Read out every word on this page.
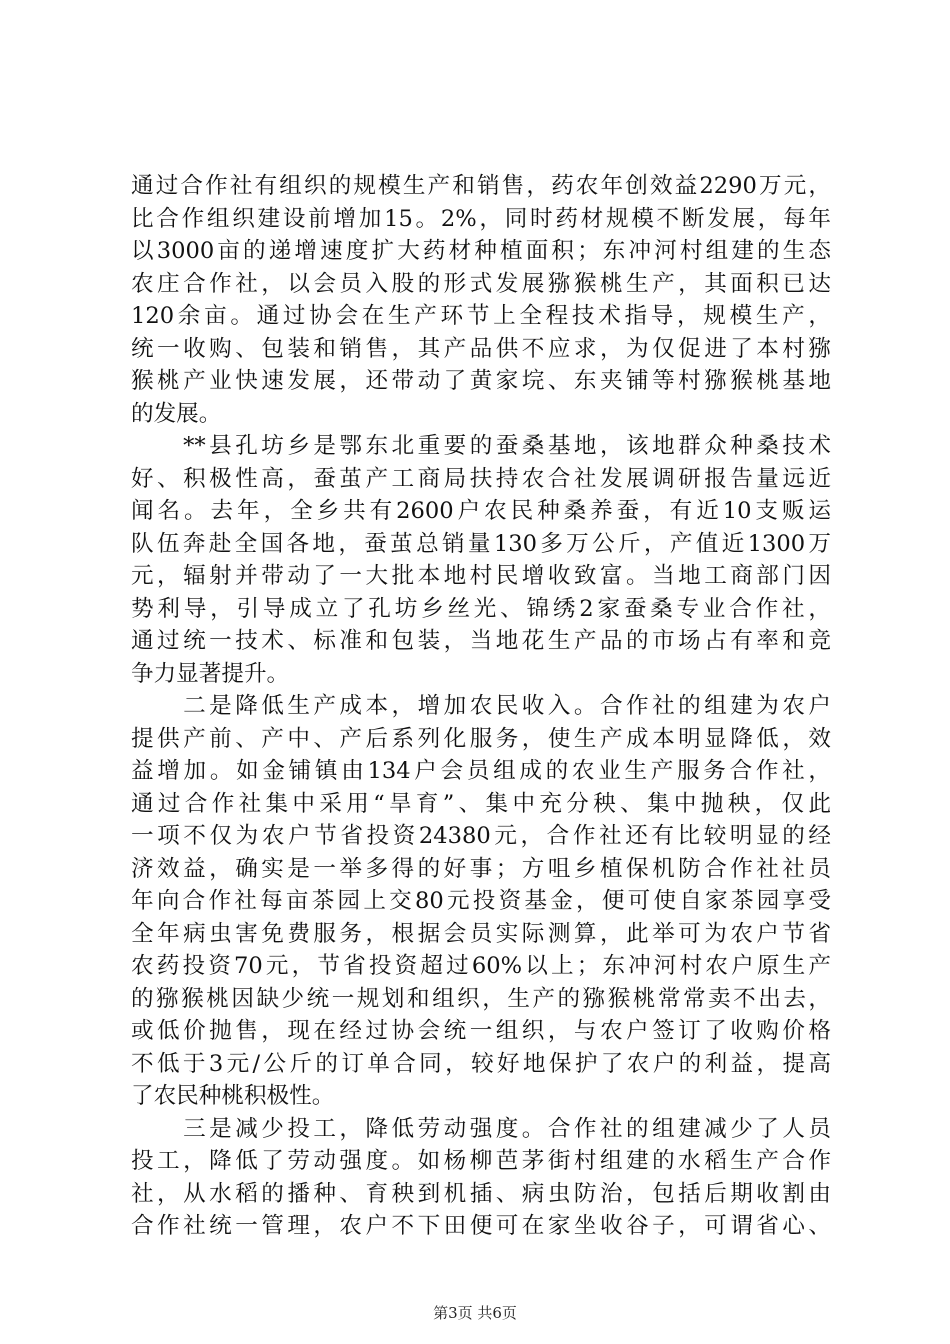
通过合作社有组织的规模生产和销售，药农年创效益2290万元，
比合作组织建设前增加15。2%，同时药材规模不断发展，每年
以3000亩的递增速度扩大药材种植面积；东冲河村组建的生态
农庄合作社，以会员入股的形式发展猕猴桃生产，其面积已达
120余亩。通过协会在生产环节上全程技术指导，规模生产，
统一收购、包装和销售，其产品供不应求，为仅促进了本村猕
猴桃产业快速发展，还带动了黄家垸、东夹铺等村猕猴桃基地
的发展。
　　**县孔坊乡是鄂东北重要的蚕桑基地，该地群众种桑技术
好、积极性高，蚕茧产工商局扶持农合社发展调研报告量远近
闻名。去年，全乡共有2600户农民种桑养蚕，有近10支贩运
队伍奔赴全国各地，蚕茧总销量130多万公斤，产值近1300万
元，辐射并带动了一大批本地村民增收致富。当地工商部门因
势利导，引导成立了孔坊乡丝光、锦绣2家蚕桑专业合作社，
通过统一技术、标准和包装，当地花生产品的市场占有率和竞
争力显著提升。
　　二是降低生产成本，增加农民收入。合作社的组建为农户
提供产前、产中、产后系列化服务，使生产成本明显降低，效
益增加。如金铺镇由134户会员组成的农业生产服务合作社，
通过合作社集中采用“旱育”、集中充分秧、集中抛秧，仅此
一项不仅为农户节省投资24380元，合作社还有比较明显的经
济效益，确实是一举多得的好事；方咀乡植保机防合作社社员
年向合作社每亩茶园上交80元投资基金，便可使自家茶园享受
全年病虫害免费服务，根据会员实际测算，此举可为农户节省
农药投资70元，节省投资超过60%以上；东冲河村农户原生产
的猕猴桃因缺少统一规划和组织，生产的猕猴桃常常卖不出去，
或低价抛售，现在经过协会统一组织，与农户签订了收购价格
不低于3元/公斤的订单合同，较好地保护了农户的利益，提高
了农民种桃积极性。
　　三是减少投工，降低劳动强度。合作社的组建减少了人员
投工，降低了劳动强度。如杨柳芭茅街村组建的水稻生产合作
社，从水稻的播种、育秧到机插、病虫防治，包括后期收割由
合作社统一管理，农户不下田便可在家坐收谷子，可谓省心、
第3页 共6页
